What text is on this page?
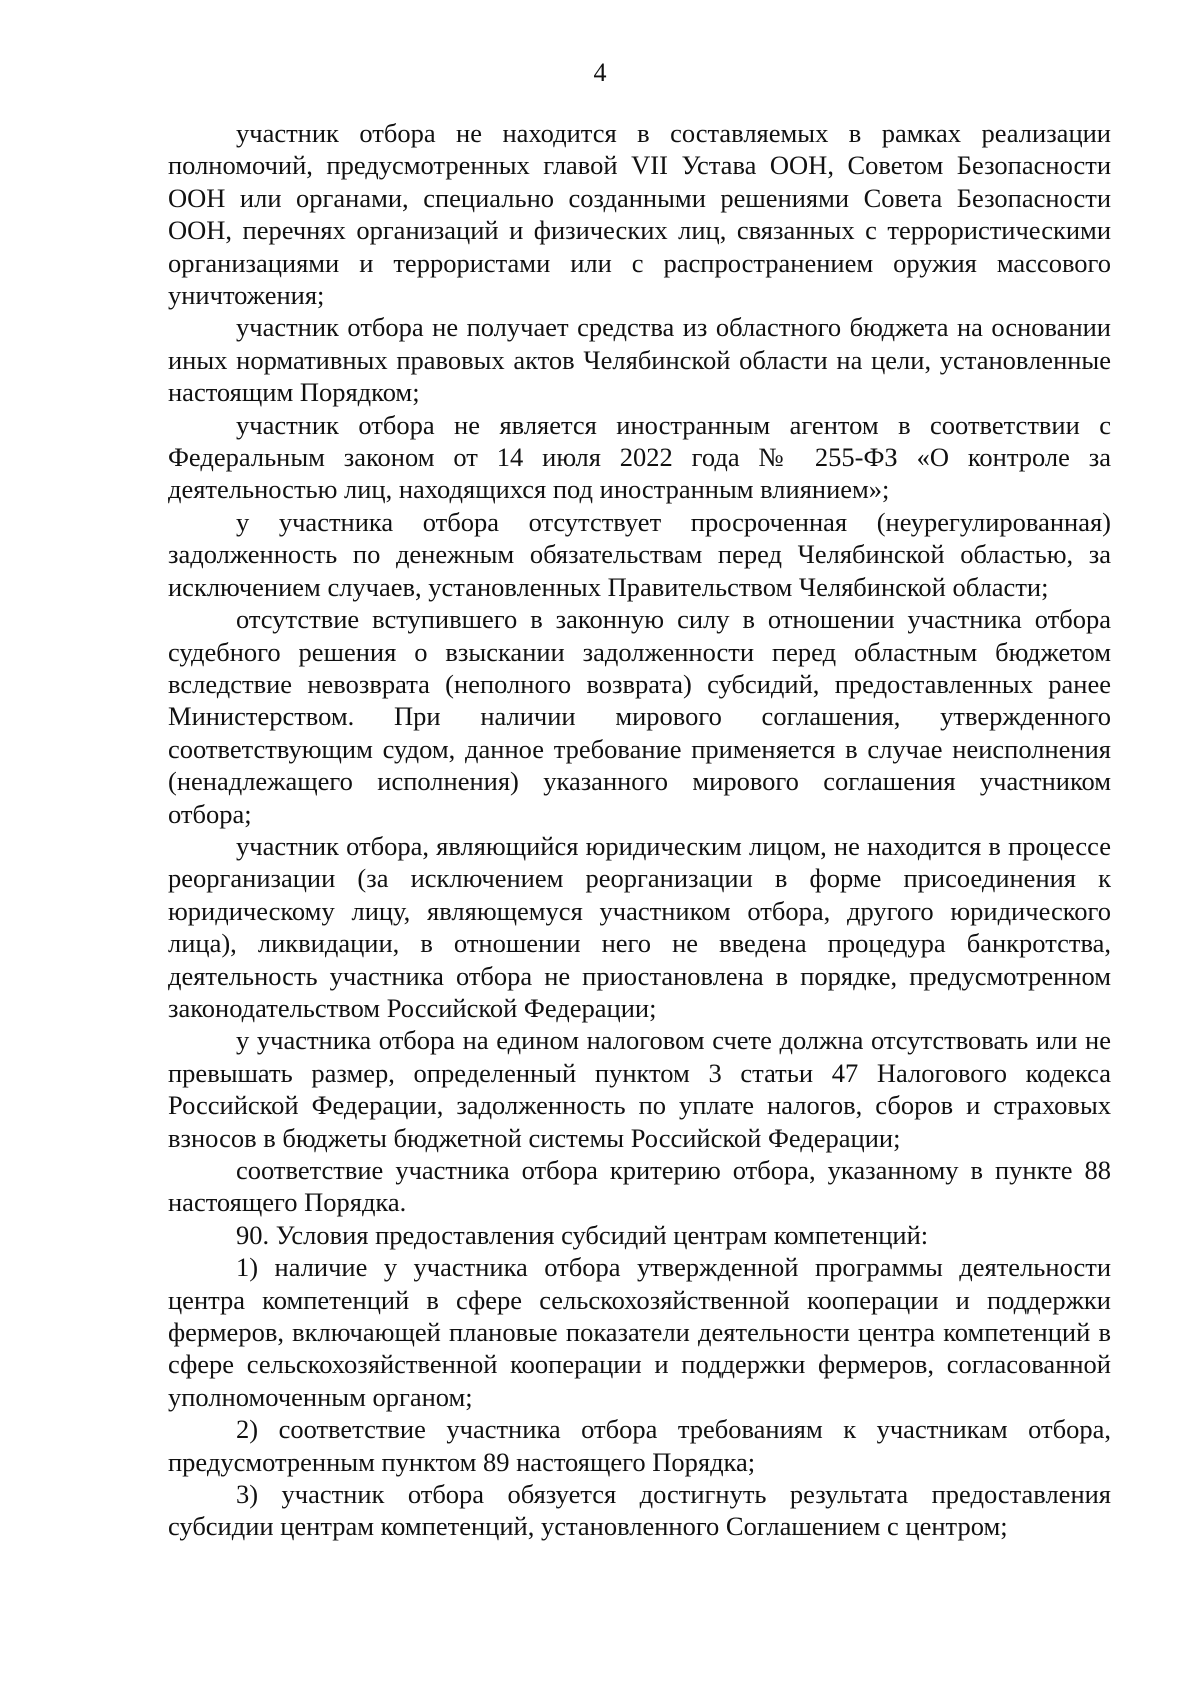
4

участник отбора не находится в составляемых в рамках реализации полномочий, предусмотренных главой VII Устава ООН, Советом Безопасности ООН или органами, специально созданными решениями Совета Безопасности ООН, перечнях организаций и физических лиц, связанных с террористическими организациями и террористами или с распространением оружия массового уничтожения;

участник отбора не получает средства из областного бюджета на основании иных нормативных правовых актов Челябинской области на цели, установленные настоящим Порядком;

участник отбора не является иностранным агентом в соответствии с Федеральным законом от 14 июля 2022 года № 255-ФЗ «О контроле за деятельностью лиц, находящихся под иностранным влиянием»;

у участника отбора отсутствует просроченная (неурегулированная) задолженность по денежным обязательствам перед Челябинской областью, за исключением случаев, установленных Правительством Челябинской области;

отсутствие вступившего в законную силу в отношении участника отбора судебного решения о взыскании задолженности перед областным бюджетом вследствие невозврата (неполного возврата) субсидий, предоставленных ранее Министерством. При наличии мирового соглашения, утвержденного соответствующим судом, данное требование применяется в случае неисполнения (ненадлежащего исполнения) указанного мирового соглашения участником отбора;

участник отбора, являющийся юридическим лицом, не находится в процессе реорганизации (за исключением реорганизации в форме присоединения к юридическому лицу, являющемуся участником отбора, другого юридического лица), ликвидации, в отношении него не введена процедура банкротства, деятельность участника отбора не приостановлена в порядке, предусмотренном законодательством Российской Федерации;

у участника отбора на едином налоговом счете должна отсутствовать или не превышать размер, определенный пунктом 3 статьи 47 Налогового кодекса Российской Федерации, задолженность по уплате налогов, сборов и страховых взносов в бюджеты бюджетной системы Российской Федерации;

соответствие участника отбора критерию отбора, указанному в пункте 88 настоящего Порядка.

90. Условия предоставления субсидий центрам компетенций:

1) наличие у участника отбора утвержденной программы деятельности центра компетенций в сфере сельскохозяйственной кооперации и поддержки фермеров, включающей плановые показатели деятельности центра компетенций в сфере сельскохозяйственной кооперации и поддержки фермеров, согласованной уполномоченным органом;

2) соответствие участника отбора требованиям к участникам отбора, предусмотренным пунктом 89 настоящего Порядка;

3) участник отбора обязуется достигнуть результата предоставления субсидии центрам компетенций, установленного Соглашением с центром;
